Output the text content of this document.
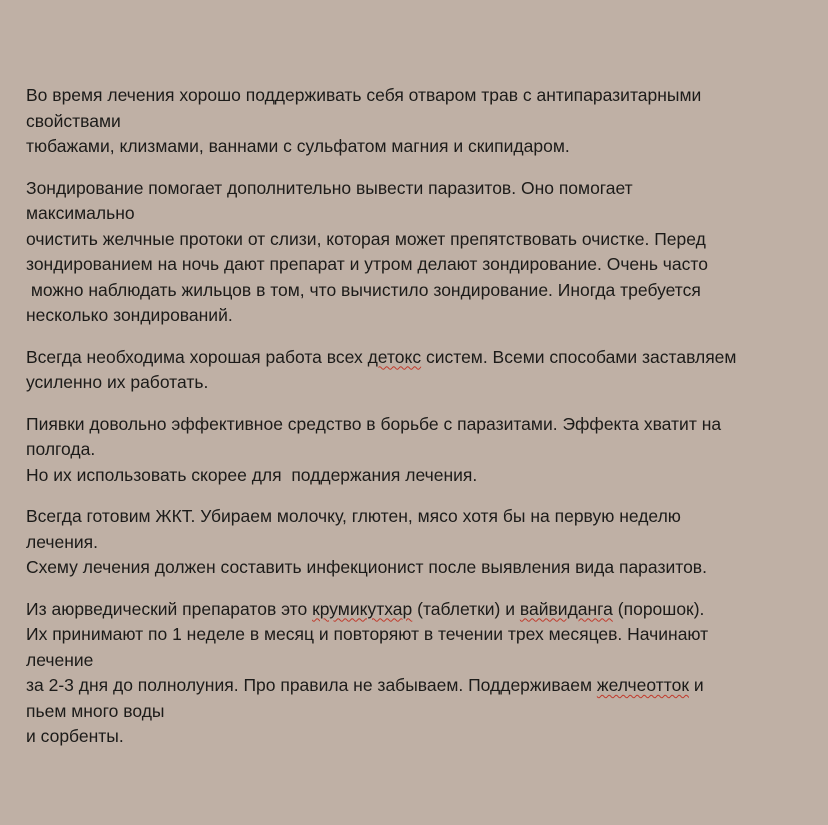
Во время лечения хорошо поддерживать себя отваром трав с антипаразитарными
свойствами
тюбажами, клизмами, ваннами с сульфатом магния и скипидаром.

Зондирование помогает дополнительно вывести паразитов. Оно помогает
максимально
очистить желчные протоки от слизи, которая может препятствовать очистке. Перед
зондированием на ночь дают препарат и утром делают зондирование. Очень часто
можно наблюдать жильцов в том, что вычистило зондирование. Иногда требуется
несколько зондирований.

Всегда необходима хорошая работа всех детокс систем. Всеми способами заставляем
усиленно их работать.

Пиявки довольно эффективное средство в борьбе с паразитами. Эффекта хватит на
полгода.
Но их использовать скорее для  поддержания лечения.

Всегда готовим ЖКТ. Убираем молочку, глютен, мясо хотя бы на первую неделю
лечения.
Схему лечения должен составить инфекционист после выявления вида паразитов.

Из аюрведический препаратов это крумикутхар (таблетки) и вайвиданга (порошок).
Их принимают по 1 неделе в месяц и повторяют в течении трех месяцев. Начинают
лечение
за 2-3 дня до полнолуния. Про правила не забываем. Поддерживаем желчеотток и
пьем много воды
и сорбенты.
